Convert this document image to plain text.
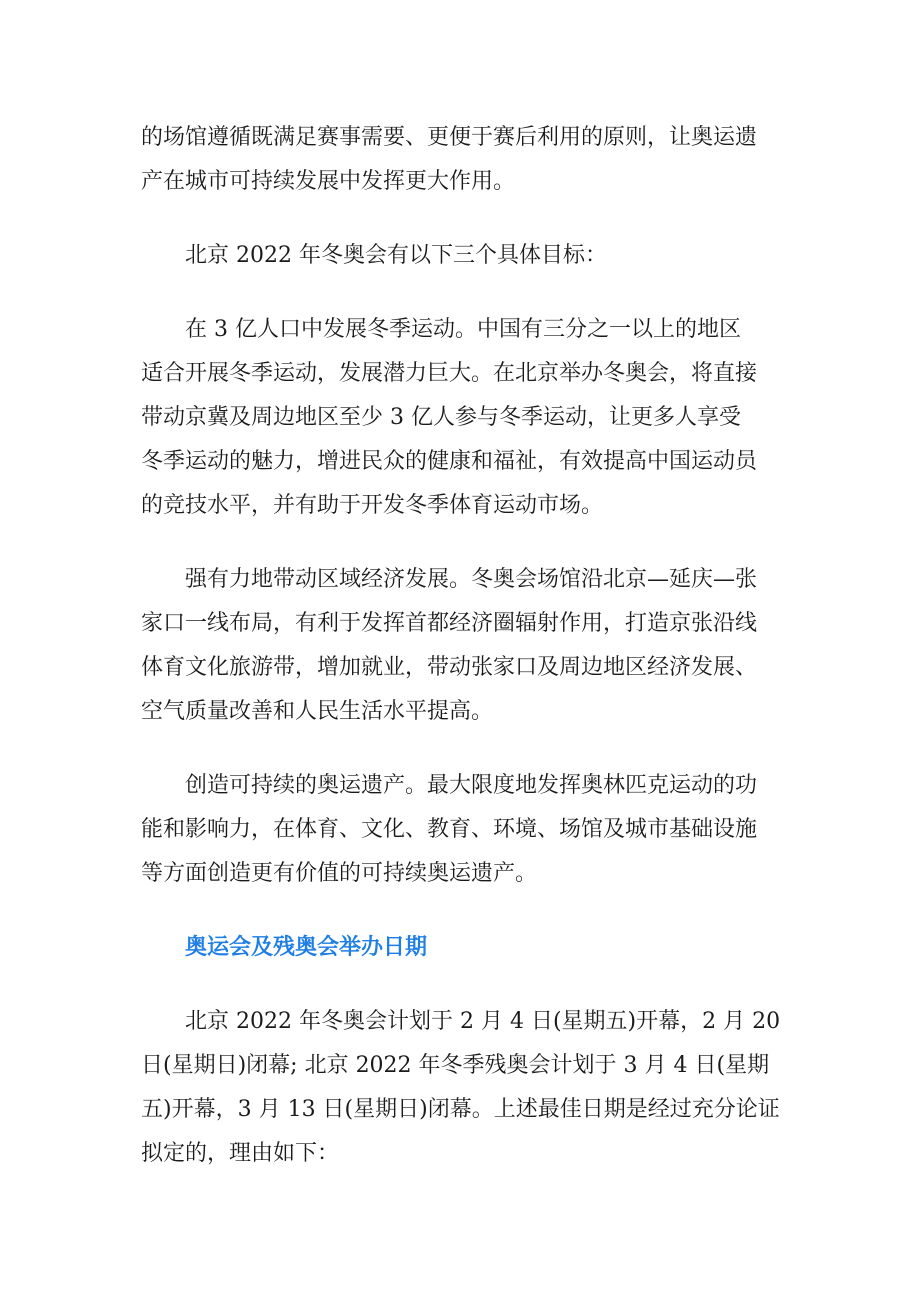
的场馆遵循既满足赛事需要、更便于赛后利用的原则，让奥运遗
产在城市可持续发展中发挥更大作用。

北京 2022 年冬奥会有以下三个具体目标：

在 3 亿人口中发展冬季运动。中国有三分之一以上的地区
适合开展冬季运动，发展潜力巨大。在北京举办冬奥会，将直接
带动京冀及周边地区至少 3 亿人参与冬季运动，让更多人享受
冬季运动的魅力，增进民众的健康和福祉，有效提高中国运动员
的竞技水平，并有助于开发冬季体育运动市场。

强有力地带动区域经济发展。冬奥会场馆沿北京—延庆—张
家口一线布局，有利于发挥首都经济圈辐射作用，打造京张沿线
体育文化旅游带，增加就业，带动张家口及周边地区经济发展、
空气质量改善和人民生活水平提高。

创造可持续的奥运遗产。最大限度地发挥奥林匹克运动的功
能和影响力，在体育、文化、教育、环境、场馆及城市基础设施
等方面创造更有价值的可持续奥运遗产。

奥运会及残奥会举办日期

北京 2022 年冬奥会计划于 2 月 4 日(星期五)开幕，2 月 20
日(星期日)闭幕; 北京 2022 年冬季残奥会计划于 3 月 4 日(星期
五)开幕，3 月 13 日(星期日)闭幕。上述最佳日期是经过充分论证
拟定的，理由如下：
